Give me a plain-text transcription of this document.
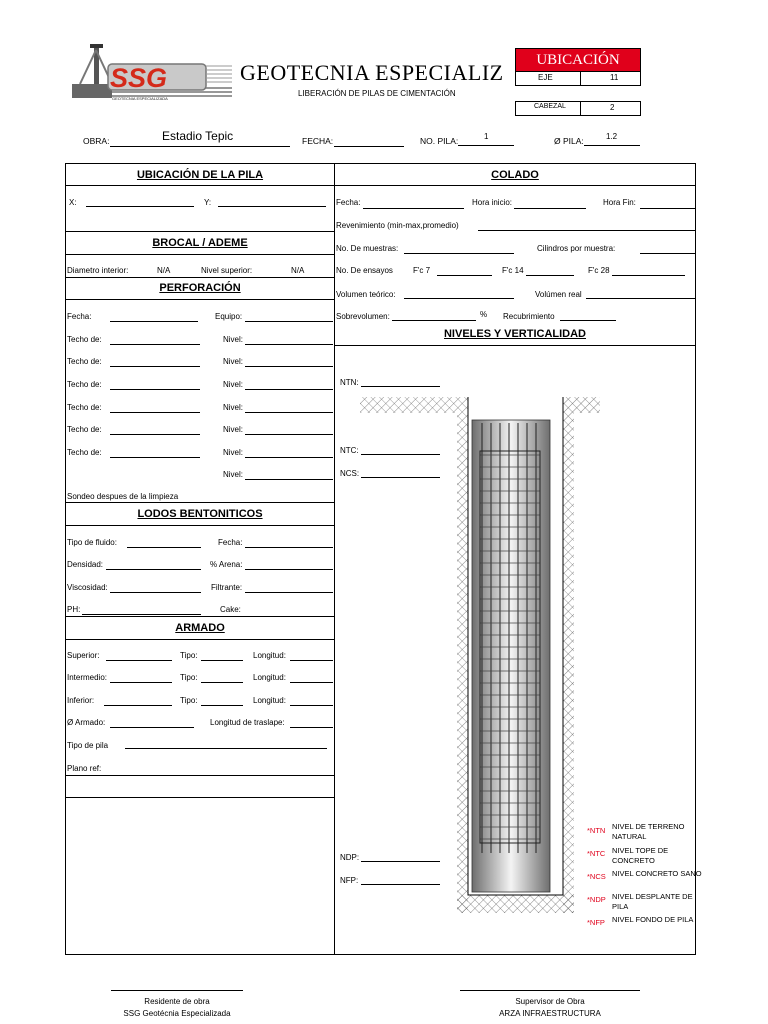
SSG
GEOTECNIA ESPECIALIZADA
GEOTECNIA ESPECIALIZ
LIBERACIÓN DE PILAS DE CIMENTACIÓN
UBICACIÓN
EJE	11
CABEZAL	2
OBRA:	Estadio Tepic	FECHA:	NO. PILA:	1	Ø PILA:	1.2
UBICACIÓN DE LA PILA
X:	Y:
BROCAL / ADEME
Diametro interior:	N/A	Nivel superior:	N/A
PERFORACIÓN
Fecha:	Equipo:
Techo de:	Nivel:
Techo de:	Nivel:
Techo de:	Nivel:
Techo de:	Nivel:
Techo de:	Nivel:
Techo de:	Nivel:
Nivel:
Sondeo despues de la limpieza
LODOS BENTONITICOS
Tipo de fluido:	Fecha:
Densidad:	% Arena:
Viscosidad:	Filtrante:
PH:	Cake:
ARMADO
Superior:	Tipo:	Longitud:
Intermedio:	Tipo:	Longitud:
Inferior:	Tipo:	Longitud:
Ø Armado:	Longitud de traslape:
Tipo de pila
Plano ref:
COLADO
Fecha:	Hora inicio:	Hora Fin:
Revenimiento (min-max,promedio)
No. De muestras:	Cilindros por muestra:
No. De ensayos	F'c 7	F'c 14	F'c 28
Volumen teórico:	Volúmen real
Sobrevolumen:	% Recubrimiento
NIVELES Y VERTICALIDAD
NTN:
NTC:
NCS:
NDP:
NFP:
*NTN NIVEL DE TERRENO NATURAL
*NTC NIVEL TOPE DE CONCRETO
*NCS NIVEL CONCRETO SANO
*NDP NIVEL DESPLANTE DE PILA
*NFP NIVEL FONDO DE PILA
Residente de obra
SSG Geotécnia Especializada
Supervisor de Obra
ARZA INFRAESTRUCTURA
